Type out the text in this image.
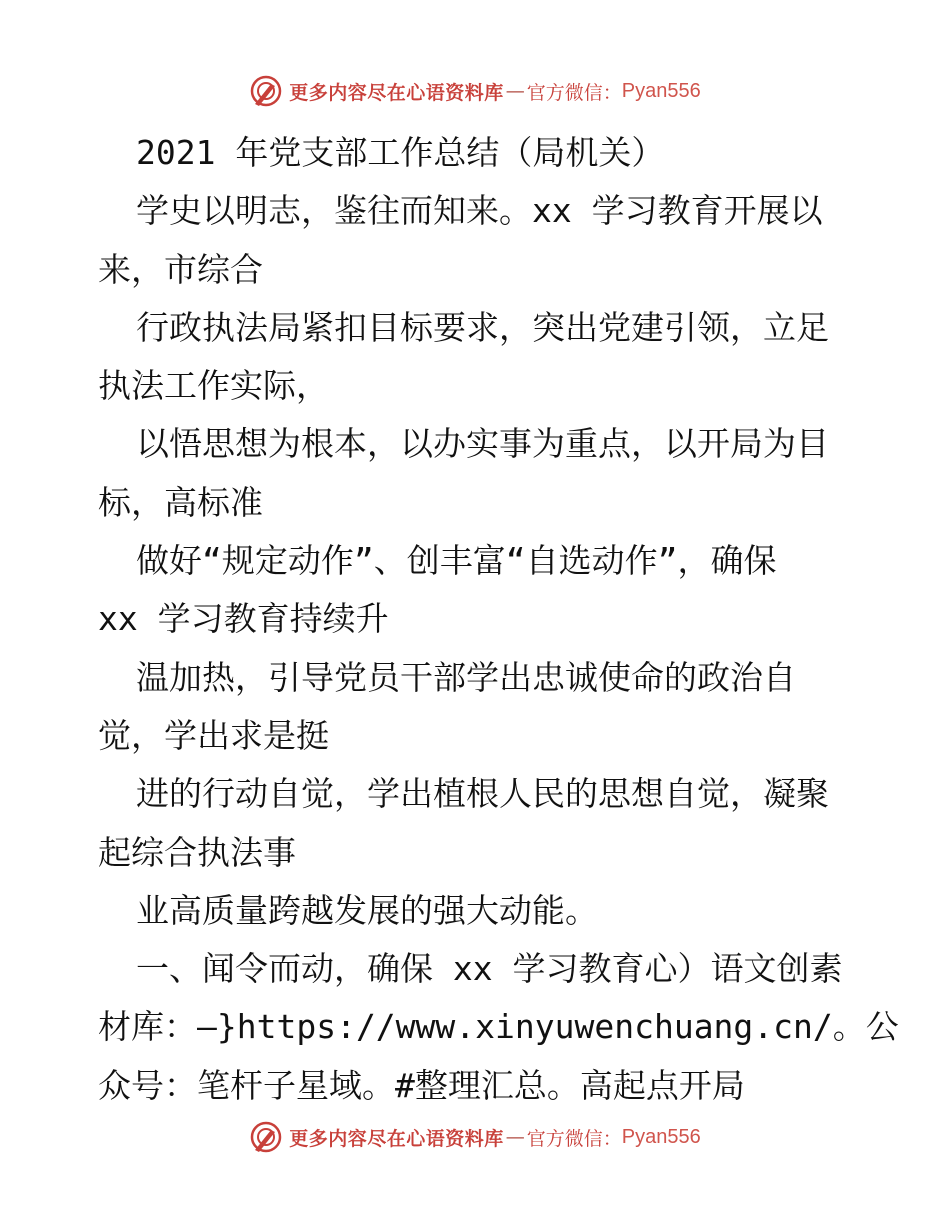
更多内容尽在心语资料库 — 官方微信： Pyan556

2021 年党支部工作总结（局机关）

学史以明志，鉴往而知来。xx 学习教育开展以

来，市综合

行政执法局紧扣目标要求，突出党建引领，立足

执法工作实际，

以悟思想为根本，以办实事为重点，以开局为目

标，高标准

做好“规定动作”、创丰富“自选动作”，确保

xx 学习教育持续升

温加热，引导党员干部学出忠诚使命的政治自

觉，学出求是挺

进的行动自觉，学出植根人民的思想自觉，凝聚

起综合执法事

业高质量跨越发展的强大动能。

一、闻令而动，确保 xx 学习教育心）语文创素

材库：—}https://www.xinyuwenchuang.cn/。公

众号：笔杆子星域。#整理汇总。高起点开局

更多内容尽在心语资料库 — 官方微信： Pyan556
